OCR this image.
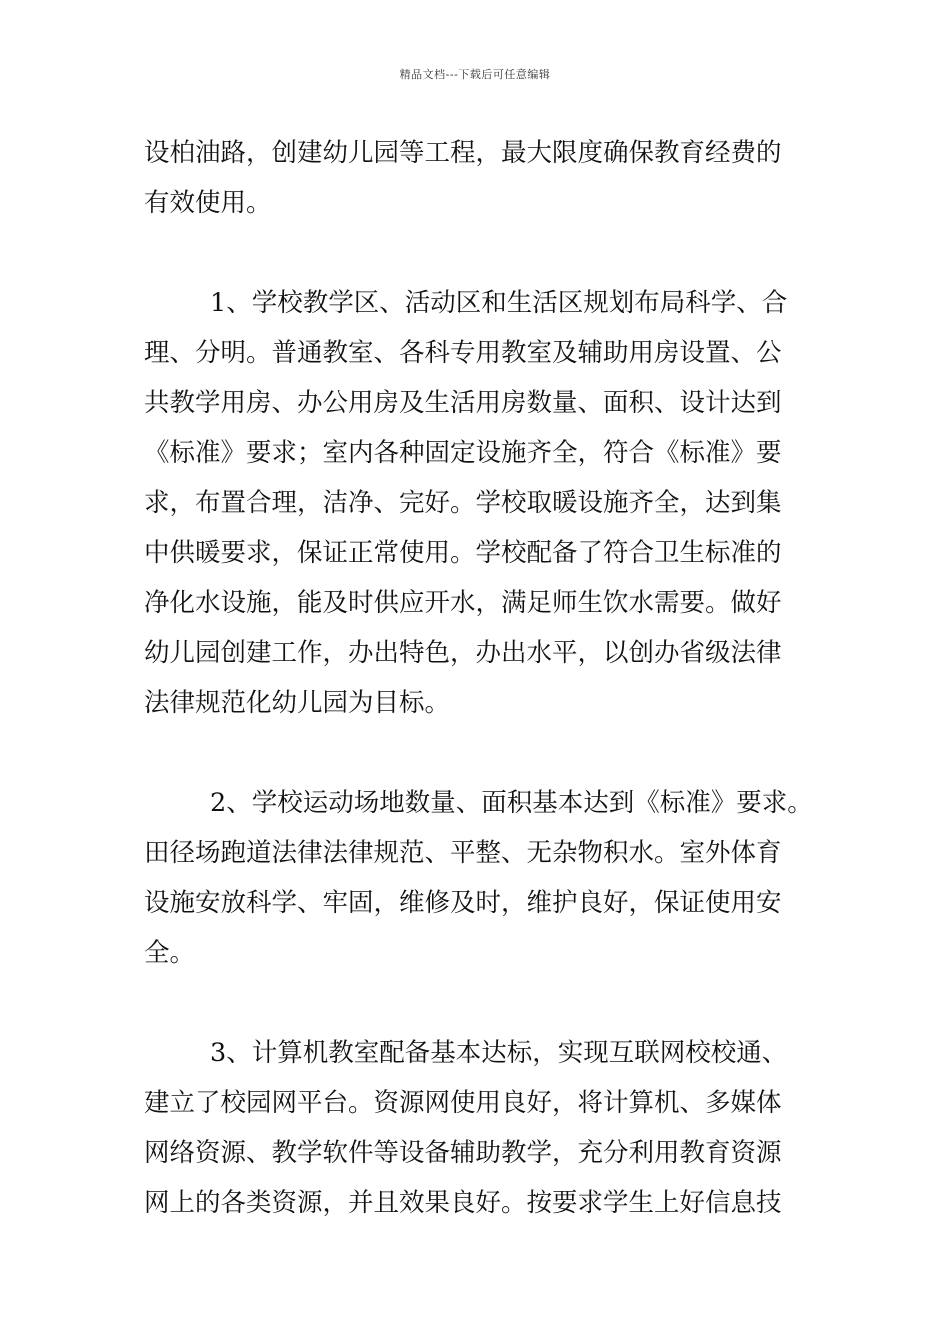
精品文档---下载后可任意编辑
设柏油路，创建幼儿园等工程，最大限度确保教育经费的
有效使用。
1、学校教学区、活动区和生活区规划布局科学、合
理、分明。普通教室、各科专用教室及辅助用房设置、公
共教学用房、办公用房及生活用房数量、面积、设计达到
《标准》要求；室内各种固定设施齐全，符合《标准》要
求，布置合理，洁净、完好。学校取暖设施齐全，达到集
中供暖要求，保证正常使用。学校配备了符合卫生标准的
净化水设施，能及时供应开水，满足师生饮水需要。做好
幼儿园创建工作，办出特色，办出水平，以创办省级法律
法律规范化幼儿园为目标。
2、学校运动场地数量、面积基本达到《标准》要求。
田径场跑道法律法律规范、平整、无杂物积水。室外体育
设施安放科学、牢固，维修及时，维护良好，保证使用安
全。
3、计算机教室配备基本达标，实现互联网校校通、
建立了校园网平台。资源网使用良好，将计算机、多媒体
网络资源、教学软件等设备辅助教学，充分利用教育资源
网上的各类资源，并且效果良好。按要求学生上好信息技
